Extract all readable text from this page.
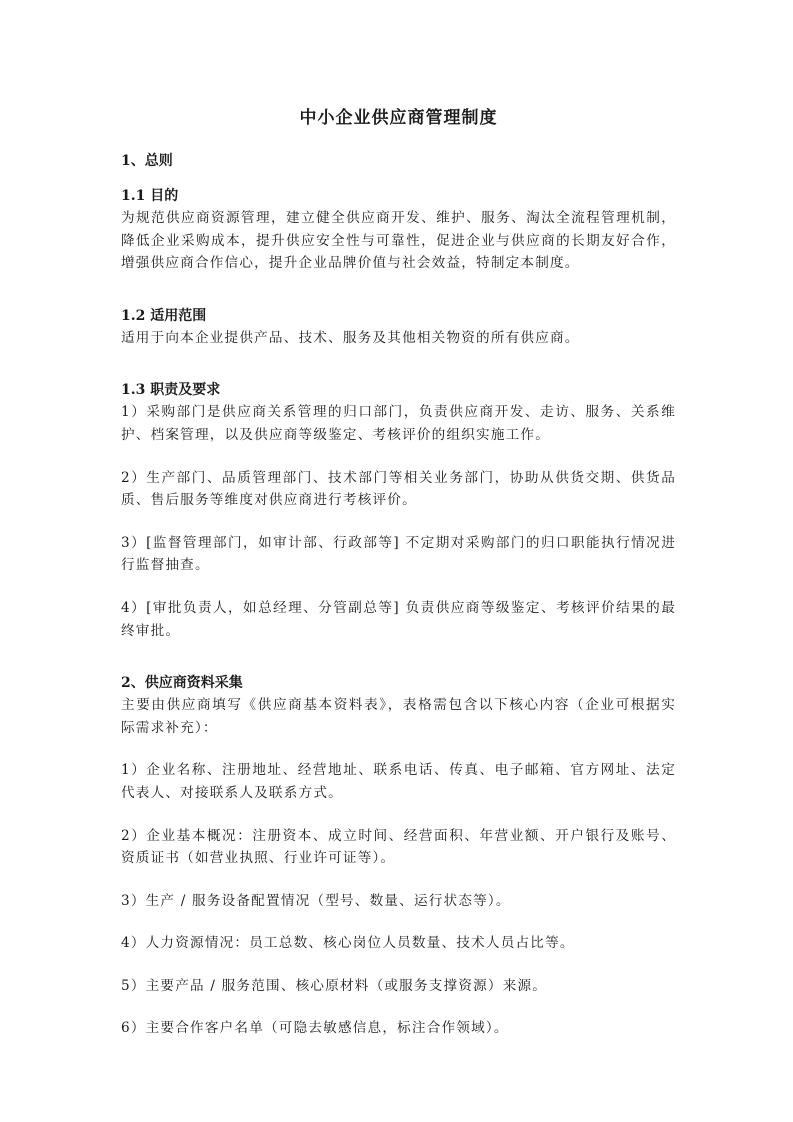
中小企业供应商管理制度
1、总则
1.1 目的

为规范供应商资源管理，建立健全供应商开发、维护、服务、淘汰全流程管理机制，降低企业采购成本，提升供应安全性与可靠性，促进企业与供应商的长期友好合作，增强供应商合作信心，提升企业品牌价值与社会效益，特制定本制度。

1.2 适用范围

适用于向本企业提供产品、技术、服务及其他相关物资的所有供应商。

1.3 职责及要求

1）采购部门是供应商关系管理的归口部门，负责供应商开发、走访、服务、关系维护、档案管理，以及供应商等级鉴定、考核评价的组织实施工作。

2）生产部门、品质管理部门、技术部门等相关业务部门，协助从供货交期、供货品质、售后服务等维度对供应商进行考核评价。

3）[监督管理部门，如审计部、行政部等] 不定期对采购部门的归口职能执行情况进行监督抽查。

4）[审批负责人，如总经理、分管副总等] 负责供应商等级鉴定、考核评价结果的最终审批。

2、供应商资料采集

主要由供应商填写《供应商基本资料表》，表格需包含以下核心内容（企业可根据实际需求补充）：

1）企业名称、注册地址、经营地址、联系电话、传真、电子邮箱、官方网址、法定代表人、对接联系人及联系方式。

2）企业基本概况：注册资本、成立时间、经营面积、年营业额、开户银行及账号、资质证书（如营业执照、行业许可证等）。

3）生产 / 服务设备配置情况（型号、数量、运行状态等）。

4）人力资源情况：员工总数、核心岗位人员数量、技术人员占比等。

5）主要产品 / 服务范围、核心原材料（或服务支撑资源）来源。

6）主要合作客户名单（可隐去敏感信息，标注合作领域）。
